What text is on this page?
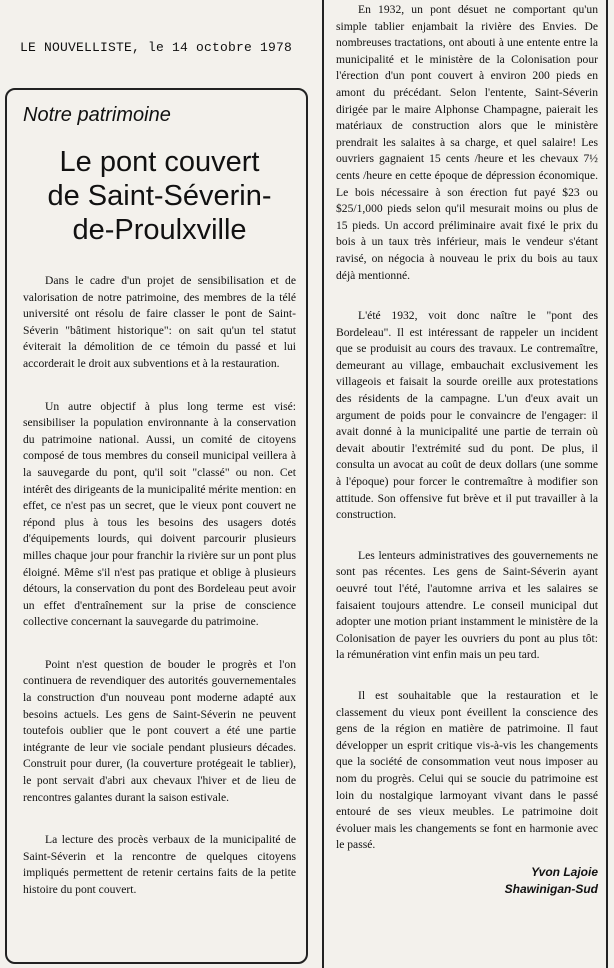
LE NOUVELLISTE, le 14 octobre 1978
Notre patrimoine
Le pont couvert
de Saint-Séverin-
de-Proulxville

Dans le cadre d'un projet de sensibilisation et de valorisation de notre patrimoine, des membres de la télé université ont résolu de faire classer le pont de Saint-Séverin "bâtiment historique": on sait qu'un tel statut éviterait la démolition de ce témoin du passé et lui accorderait le droit aux subventions et à la restauration.

Un autre objectif à plus long terme est visé: sensibiliser la population environnante à la conservation du patrimoine national. Aussi, un comité de citoyens composé de tous membres du conseil municipal veillera à la sauvegarde du pont, qu'il soit "classé" ou non. Cet intérêt des dirigeants de la municipalité mérite mention: en effet, ce n'est pas un secret, que le vieux pont couvert ne répond plus à tous les besoins des usagers dotés d'équipements lourds, qui doivent parcourir plusieurs milles chaque jour pour franchir la rivière sur un pont plus éloigné. Même s'il n'est pas pratique et oblige à plusieurs détours, la conservation du pont des Bordeleau peut avoir un effet d'entraînement sur la prise de conscience collective concernant la sauvegarde du patrimoine.

Point n'est question de bouder le progrès et l'on continuera de revendiquer des autorités gouvernementales la construction d'un nouveau pont moderne adapté aux besoins actuels. Les gens de Saint-Séverin ne peuvent toutefois oublier que le pont couvert a été une partie intégrante de leur vie sociale pendant plusieurs décades. Construit pour durer, (la couverture protégeait le tablier), le pont servait d'abri aux chevaux l'hiver et de lieu de rencontres galantes durant la saison estivale.

La lecture des procès verbaux de la municipalité de Saint-Séverin et la rencontre de quelques citoyens impliqués permettent de retenir certains faits de la petite histoire du pont couvert.

En 1932, un pont désuet ne comportant qu'un simple tablier enjambait la rivière des Envies. De nombreuses tractations, ont abouti à une entente entre la municipalité et le ministère de la Colonisation pour l'érection d'un pont couvert à environ 200 pieds en amont du précédant. Selon l'entente, Saint-Séverin dirigée par le maire Alphonse Champagne, paierait les matériaux de construction alors que le ministère prendrait les salaites à sa charge, et quel salaire! Les ouvriers gagnaient 15 cents /heure et les chevaux 7½ cents /heure en cette époque de dépression économique. Le bois nécessaire à son érection fut payé $23 ou $25/1,000 pieds selon qu'il mesurait moins ou plus de 15 pieds. Un accord préliminaire avait fixé le prix du bois à un taux très inférieur, mais le vendeur s'étant ravisé, on négocia à nouveau le prix du bois au taux déjà mentionné.

L'été 1932, voit donc naître le "pont des Bordeleau". Il est intéressant de rappeler un incident que se produisit au cours des travaux. Le contremaître, demeurant au village, embauchait exclusivement les villageois et faisait la sourde oreille aux protestations des résidents de la campagne. L'un d'eux avait un argument de poids pour le convaincre de l'engager: il avait donné à la municipalité une partie de terrain où devait aboutir l'extrémité sud du pont. De plus, il consulta un avocat au coût de deux dollars (une somme à l'époque) pour forcer le contremaître à modifier son attitude. Son offensive fut brève et il put travailler à la construction.

Les lenteurs administratives des gouvernements ne sont pas récentes. Les gens de Saint-Séverin ayant oeuvré tout l'été, l'automne arriva et les salaires se faisaient toujours attendre. Le conseil municipal dut adopter une motion priant instamment le ministère de la Colonisation de payer les ouvriers du pont au plus tôt: la rémunération vint enfin mais un peu tard.

Il est souhaitable que la restauration et le classement du vieux pont éveillent la conscience des gens de la région en matière de patrimoine. Il faut développer un esprit critique vis-à-vis les changements que la société de consommation veut nous imposer au nom du progrès. Celui qui se soucie du patrimoine est loin du nostalgique larmoyant vivant dans le passé entouré de ses vieux meubles. Le patrimoine doit évoluer mais les changements se font en harmonie avec le passé.

Yvon Lajoie
Shawinigan-Sud
